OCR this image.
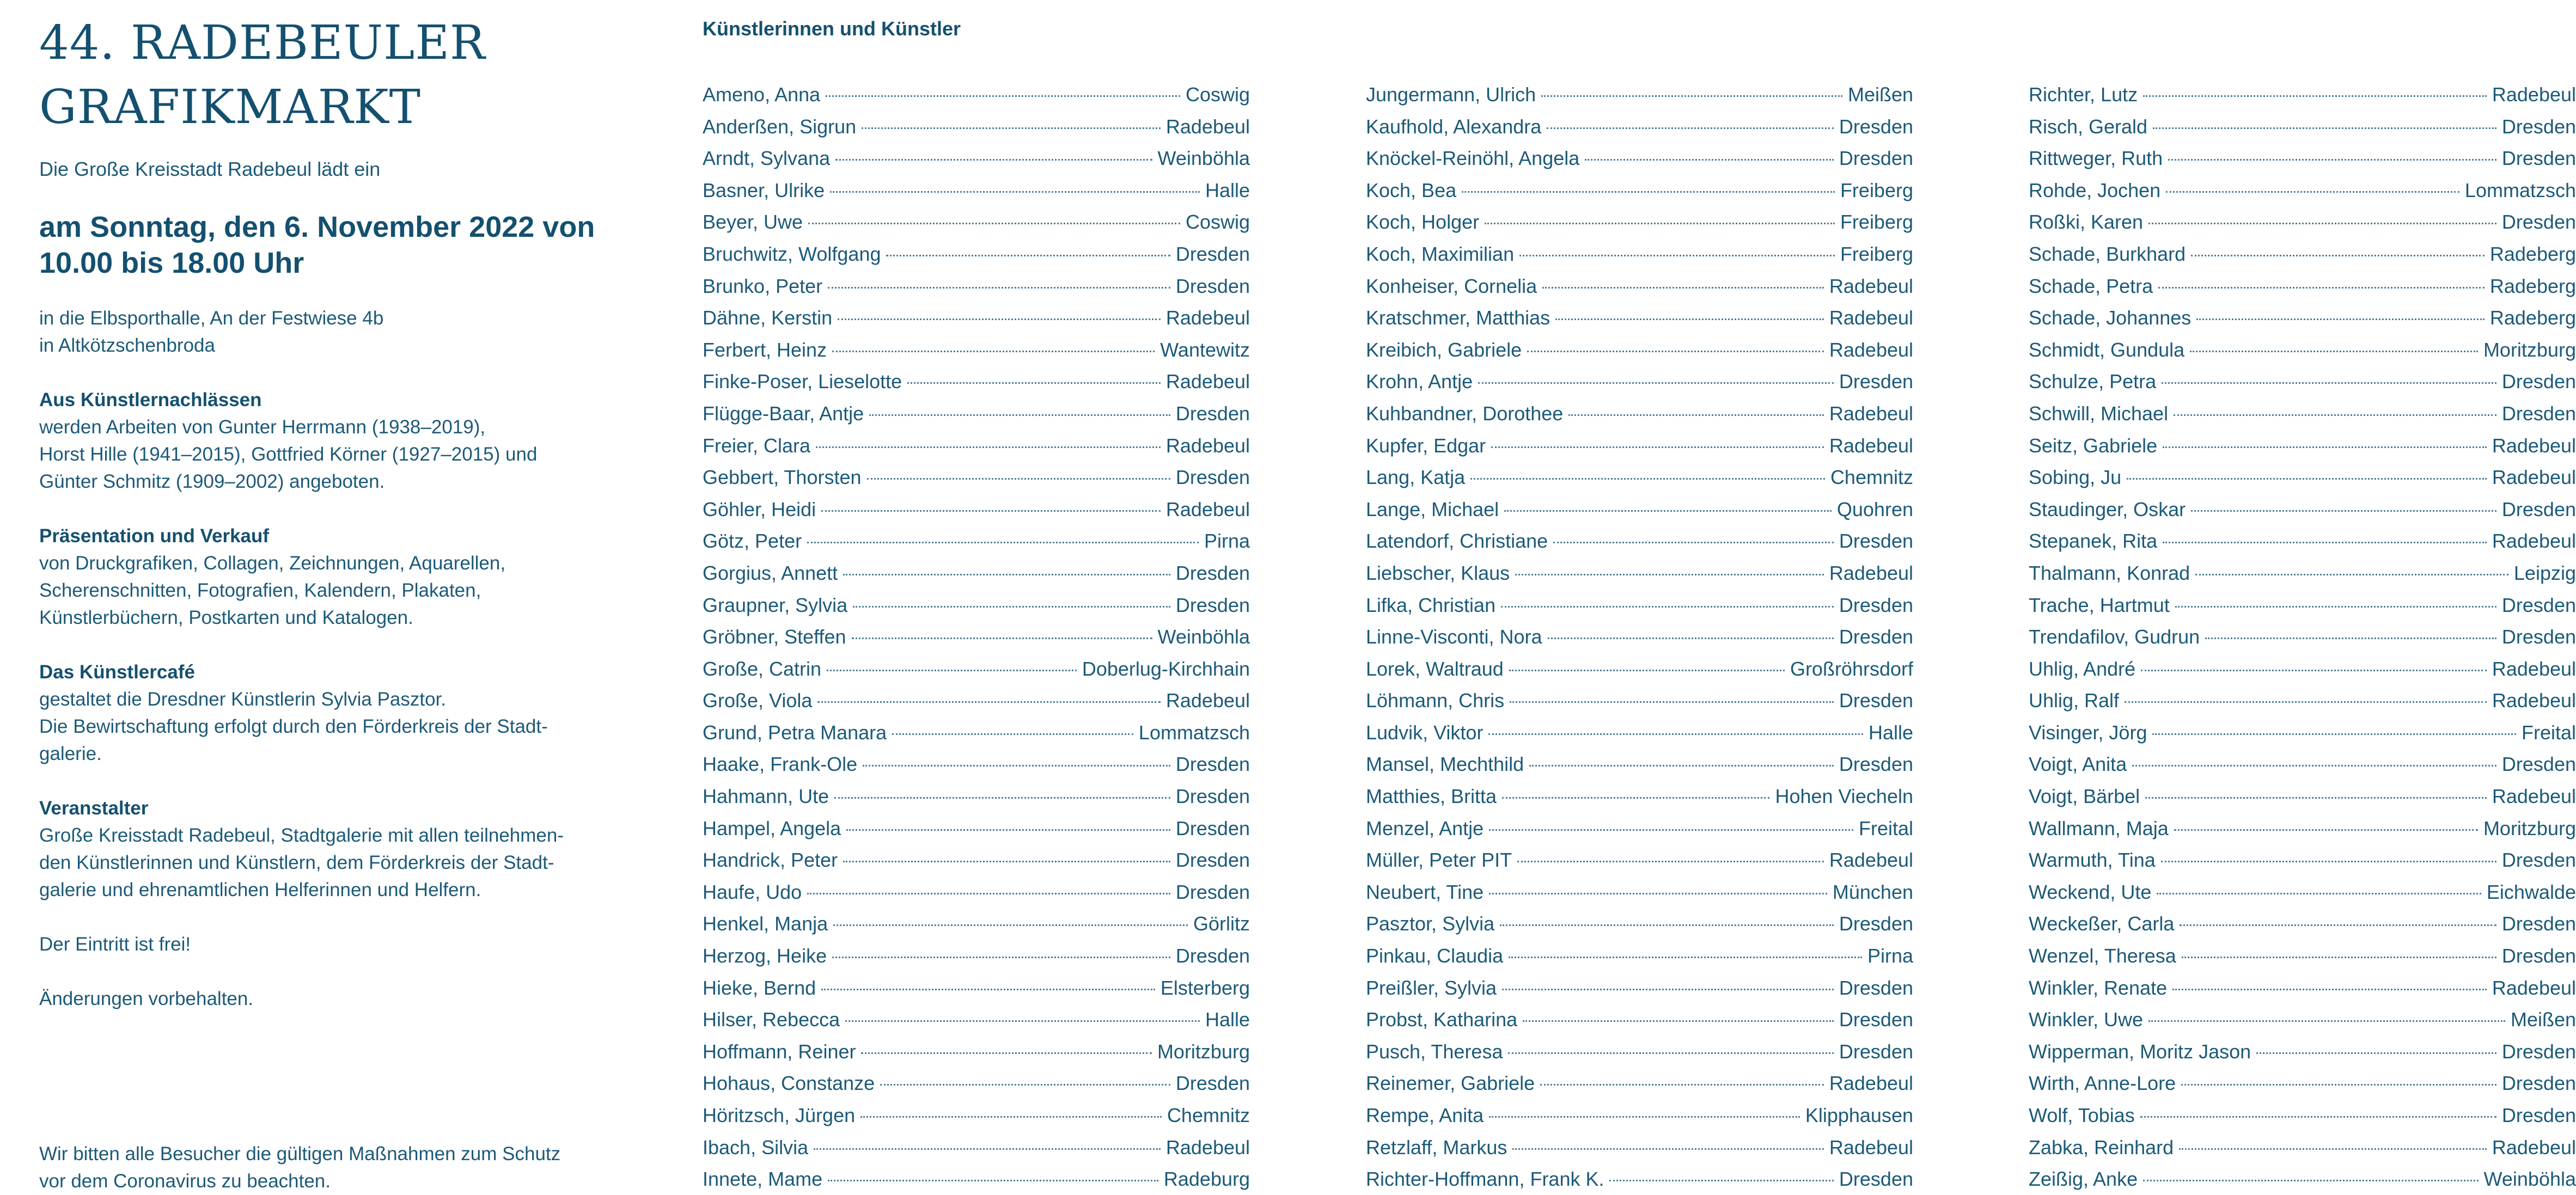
44. RADEBEULER
GRAFIKMARKT

Die Große Kreisstadt Radebeul lädt ein

am Sonntag, den 6. November 2022 von
10.00 bis 18.00 Uhr
in die Elbsporthalle, An der Festwiese 4b
in Altkötzschenbroda
Aus Künstlernachlässen

werden Arbeiten von Gunter Herrmann (1938–2019),

Horst Hille (1941–2015), Gottfried Körner (1927–2015) und

Günter Schmitz (1909–2002) angeboten.

Präsentation und Verkauf

von Druckgrafiken, Collagen, Zeichnungen, Aquarellen,

Scherenschnitten, Fotografien, Kalendern, Plakaten,

Künstlerbüchern, Postkarten und Katalogen.

Das Künstlercafé

gestaltet die Dresdner Künstlerin Sylvia Pasztor.

Die Bewirtschaftung erfolgt durch den Förderkreis der Stadt-

galerie.

Veranstalter

Große Kreisstadt Radebeul, Stadtgalerie mit allen teilnehmen-

den Künstlerinnen und Künstlern, dem Förderkreis der Stadt-

galerie und ehrenamtlichen Helferinnen und Helfern.

Der Eintritt ist frei!

Änderungen vorbehalten.

Wir bitten alle Besucher die gültigen Maßnahmen zum Schutz
vor dem Coronavirus zu beachten.
Künstlerinnen und Künstler
Ameno, Anna	Coswig
Anderßen, Sigrun	Radebeul
Arndt, Sylvana	Weinböhla
Basner, Ulrike	Halle
Beyer, Uwe	Coswig
Bruchwitz, Wolfgang	Dresden
Brunko, Peter	Dresden
Dähne, Kerstin	Radebeul
Ferbert, Heinz	Wantewitz
Finke-Poser, Lieselotte	Radebeul
Flügge-Baar, Antje	Dresden
Freier, Clara	Radebeul
Gebbert, Thorsten	Dresden
Göhler, Heidi	Radebeul
Götz, Peter	Pirna
Gorgius, Annett	Dresden
Graupner, Sylvia	Dresden
Gröbner, Steffen	Weinböhla
Große, Catrin	Doberlug-Kirchhain
Große, Viola	Radebeul
Grund, Petra Manara	Lommatzsch
Haake, Frank-Ole	Dresden
Hahmann, Ute	Dresden
Hampel, Angela	Dresden
Handrick, Peter	Dresden
Haufe, Udo	Dresden
Henkel, Manja	Görlitz
Herzog, Heike	Dresden
Hieke, Bernd	Elsterberg
Hilser, Rebecca	Halle
Hoffmann, Reiner	Moritzburg
Hohaus, Constanze	Dresden
Höritzsch, Jürgen	Chemnitz
Ibach, Silvia	Radebeul
Innete, Mame	Radeburg
Jungermann, Ulrich	Meißen
Kaufhold, Alexandra	Dresden
Knöckel-Reinöhl, Angela	Dresden
Koch, Bea	Freiberg
Koch, Holger	Freiberg
Koch, Maximilian	Freiberg
Konheiser, Cornelia	Radebeul
Kratschmer, Matthias	Radebeul
Kreibich, Gabriele	Radebeul
Krohn, Antje	Dresden
Kuhbandner, Dorothee	Radebeul
Kupfer, Edgar	Radebeul
Lang, Katja	Chemnitz
Lange, Michael	Quohren
Latendorf, Christiane	Dresden
Liebscher, Klaus	Radebeul
Lifka, Christian	Dresden
Linne-Visconti, Nora	Dresden
Lorek, Waltraud	Großröhrsdorf
Löhmann, Chris	Dresden
Ludvik, Viktor	Halle
Mansel, Mechthild	Dresden
Matthies, Britta	Hohen Viecheln
Menzel, Antje	Freital
Müller, Peter PIT	Radebeul
Neubert, Tine	München
Pasztor, Sylvia	Dresden
Pinkau, Claudia	Pirna
Preißler, Sylvia	Dresden
Probst, Katharina	Dresden
Pusch, Theresa	Dresden
Reinemer, Gabriele	Radebeul
Rempe, Anita	Klipphausen
Retzlaff, Markus	Radebeul
Richter-Hoffmann, Frank K.	Dresden
Richter, Lutz	Radebeul
Risch, Gerald	Dresden
Rittweger, Ruth	Dresden
Rohde, Jochen	Lommatzsch
Roßki, Karen	Dresden
Schade, Burkhard	Radeberg
Schade, Petra	Radeberg
Schade, Johannes	Radeberg
Schmidt, Gundula	Moritzburg
Schulze, Petra	Dresden
Schwill, Michael	Dresden
Seitz, Gabriele	Radebeul
Sobing, Ju	Radebeul
Staudinger, Oskar	Dresden
Stepanek, Rita	Radebeul
Thalmann, Konrad	Leipzig
Trache, Hartmut	Dresden
Trendafilov, Gudrun	Dresden
Uhlig, André	Radebeul
Uhlig, Ralf	Radebeul
Visinger, Jörg	Freital
Voigt, Anita	Dresden
Voigt, Bärbel	Radebeul
Wallmann, Maja	Moritzburg
Warmuth, Tina	Dresden
Weckend, Ute	Eichwalde
Weckeßer, Carla	Dresden
Wenzel, Theresa	Dresden
Winkler, Renate	Radebeul
Winkler, Uwe	Meißen
Wipperman, Moritz Jason	Dresden
Wirth, Anne-Lore	Dresden
Wolf, Tobias	Dresden
Zabka, Reinhard	Radebeul
Zeißig, Anke	Weinböhla
